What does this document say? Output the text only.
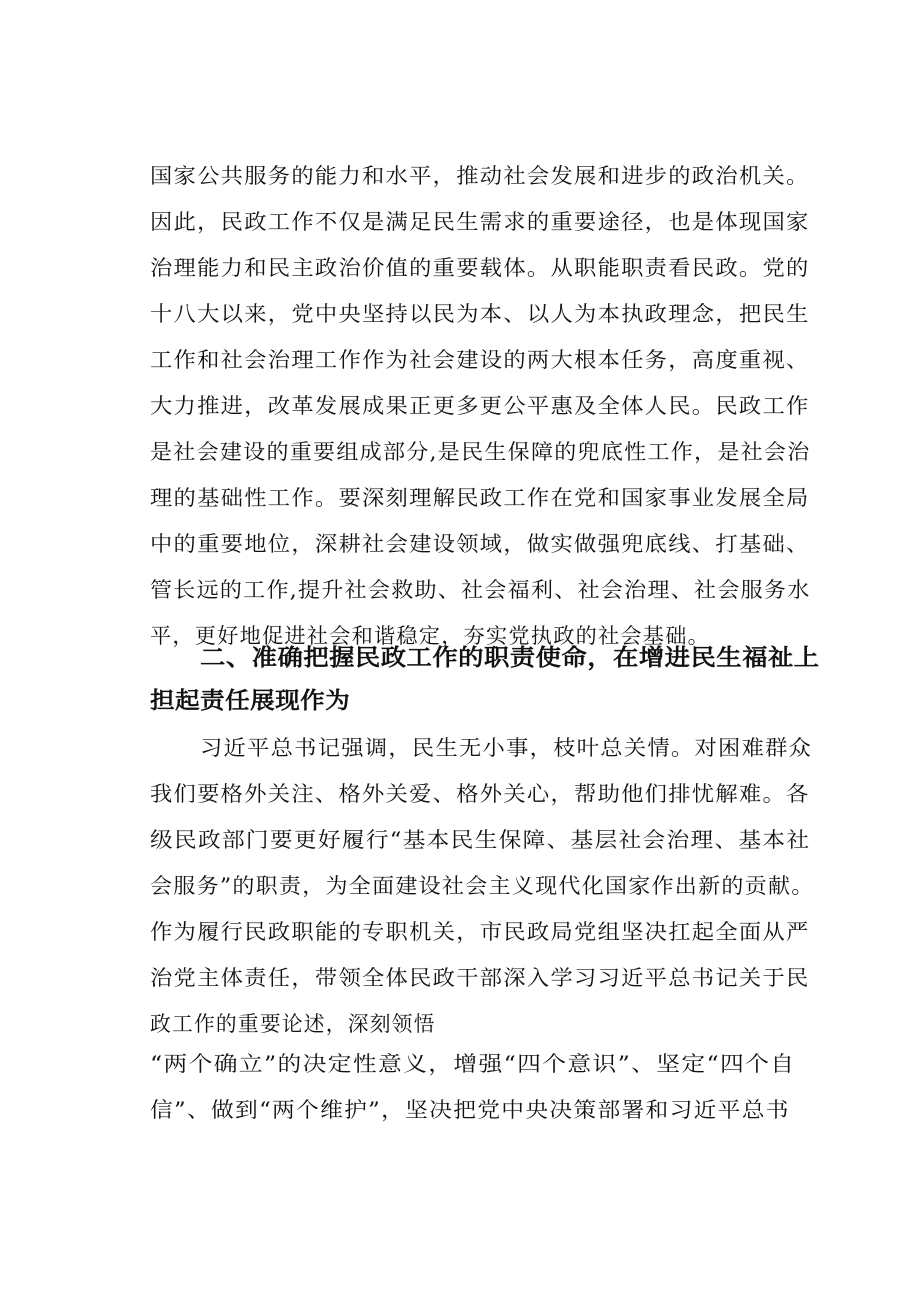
国家公共服务的能力和水平，推动社会发展和进步的政治机关。
因此，民政工作不仅是满足民生需求的重要途径，也是体现国家
治理能力和民主政治价值的重要载体。从职能职责看民政。党的
十八大以来，党中央坚持以民为本、以人为本执政理念，把民生
工作和社会治理工作作为社会建设的两大根本任务，高度重视、
大力推进，改革发展成果正更多更公平惠及全体人民。民政工作
是社会建设的重要组成部分,是民生保障的兜底性工作，是社会治
理的基础性工作。要深刻理解民政工作在党和国家事业发展全局
中的重要地位，深耕社会建设领域，做实做强兜底线、打基础、
管长远的工作,提升社会救助、社会福利、社会治理、社会服务水
平，更好地促进社会和谐稳定，夯实党执政的社会基础。
二、准确把握民政工作的职责使命，在增进民生福祉上
担起责任展现作为
习近平总书记强调，民生无小事，枝叶总关情。对困难群众
我们要格外关注、格外关爱、格外关心，帮助他们排忧解难。各
级民政部门要更好履行“基本民生保障、基层社会治理、基本社
会服务”的职责，为全面建设社会主义现代化国家作出新的贡献。
作为履行民政职能的专职机关，市民政局党组坚决扛起全面从严
治党主体责任，带领全体民政干部深入学习习近平总书记关于民
政工作的重要论述，深刻领悟
“两个确立”的决定性意义，增强“四个意识”、坚定“四个自
信”、做到“两个维护”，坚决把党中央决策部署和习近平总书
